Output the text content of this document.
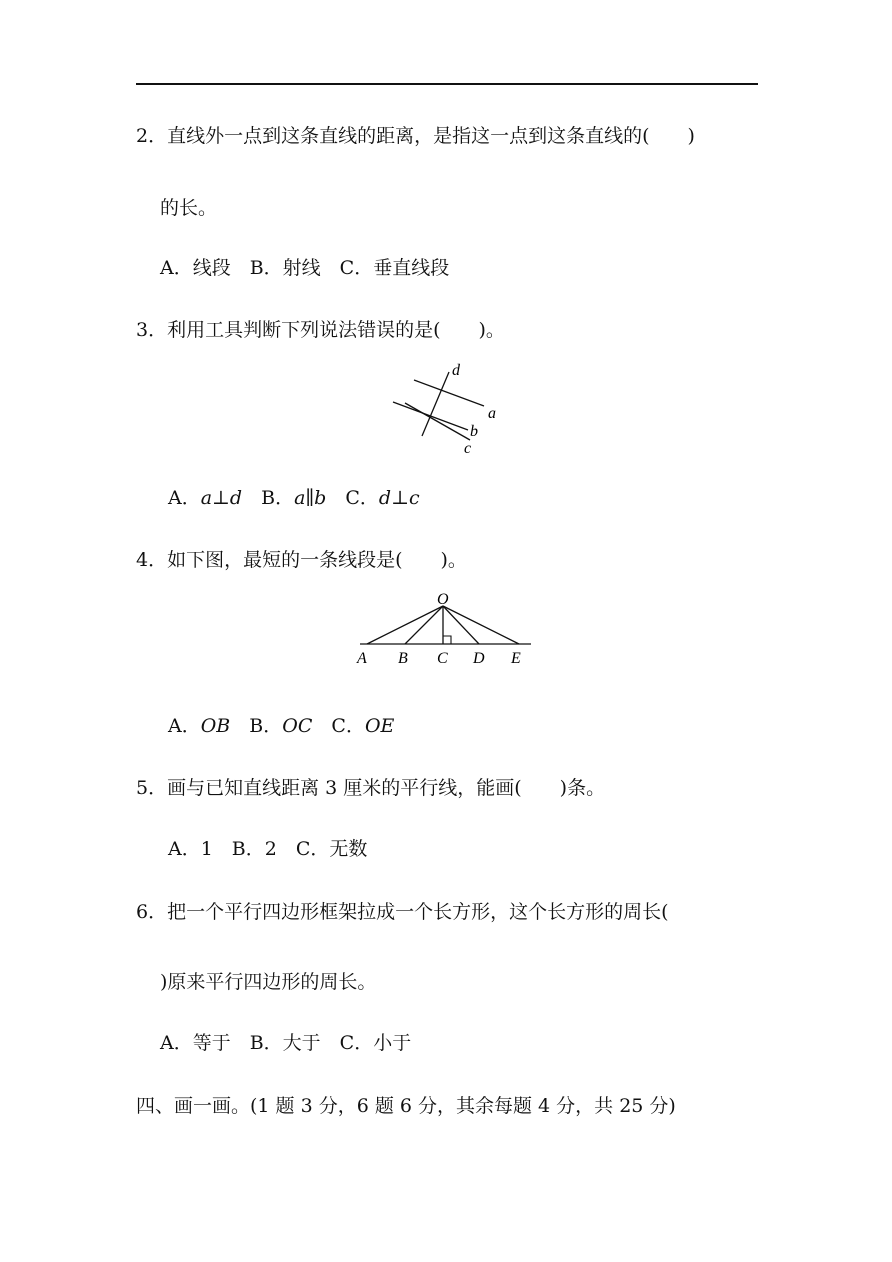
2．直线外一点到这条直线的距离，是指这一点到这条直线的(　　)
的长。
A．线段　B．射线　C．垂直线段
3．利用工具判断下列说法错误的是(　　)。
d
a
b
c
A．a⊥d　 B．a∥b　 C．d⊥c
4．如下图，最短的一条线段是(　　)。
O
A B C D E
A．OB　 B．OC　 C．OE
5．画与已知直线距离 3 厘米的平行线，能画(　　)条。
A．1　B．2　C．无数
6．把一个平行四边形框架拉成一个长方形，这个长方形的周长(
)原来平行四边形的周长。
A．等于　B．大于　C．小于
四、画一画。(1 题 3 分，6 题 6 分，其余每题 4 分，共 25 分)
